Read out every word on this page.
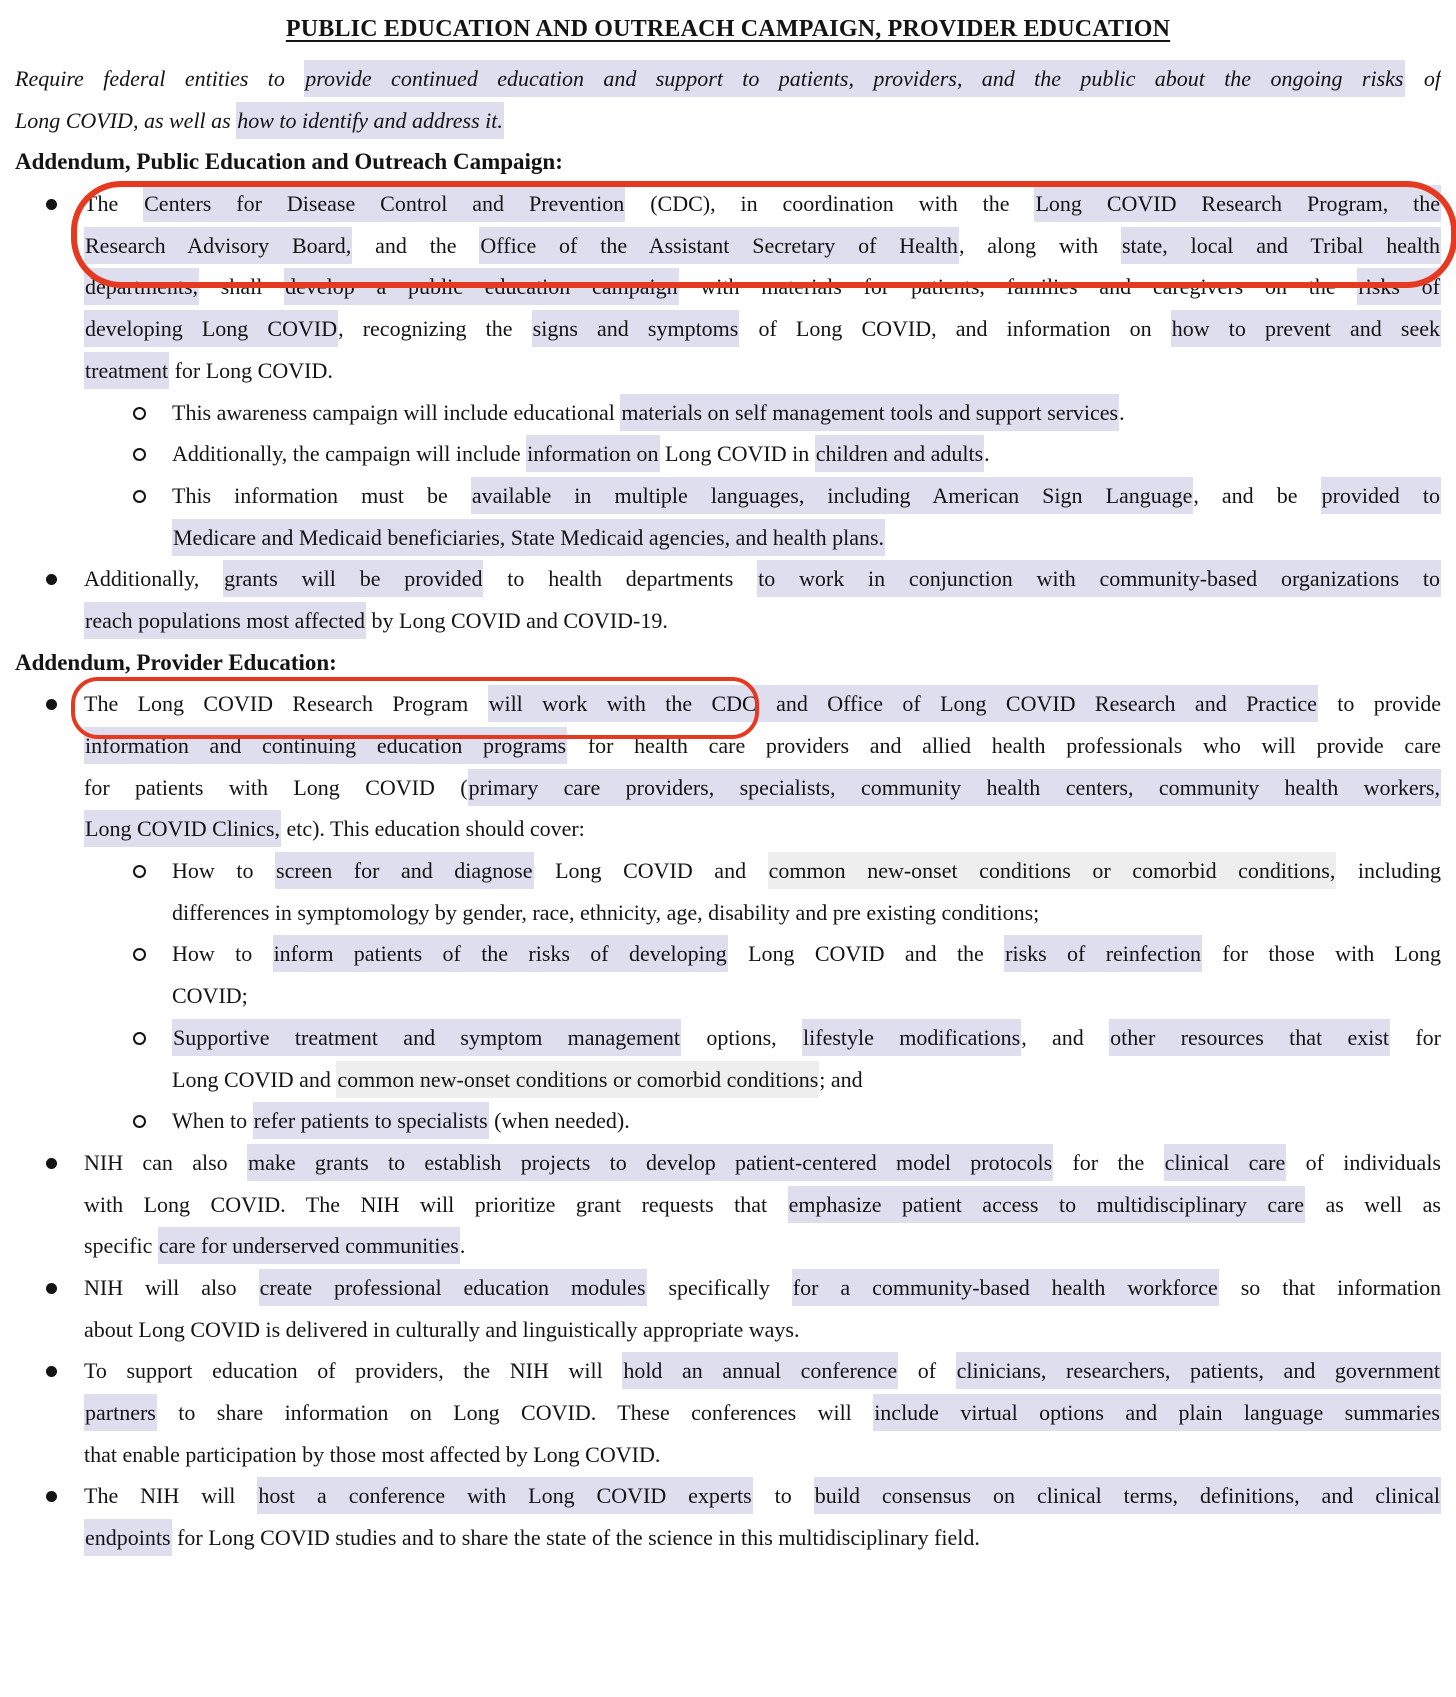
PUBLIC EDUCATION AND OUTREACH CAMPAIGN, PROVIDER EDUCATION
Require federal entities to provide continued education and support to patients, providers, and the public about the ongoing risks of
Long COVID, as well as how to identify and address it.
Addendum, Public Education and Outreach Campaign:
The Centers for Disease Control and Prevention (CDC), in coordination with the Long COVID Research Program, the
Research Advisory Board, and the Office of the Assistant Secretary of Health, along with state, local and Tribal health
departments, shall develop a public education campaign with materials for patients, families and caregivers on the risks of
developing Long COVID, recognizing the signs and symptoms of Long COVID, and information on how to prevent and seek
treatment for Long COVID.
This awareness campaign will include educational materials on self management tools and support services.
Additionally, the campaign will include information on Long COVID in children and adults.
This information must be available in multiple languages, including American Sign Language, and be provided to
Medicare and Medicaid beneficiaries, State Medicaid agencies, and health plans.
Additionally, grants will be provided to health departments to work in conjunction with community-based organizations to
reach populations most affected by Long COVID and COVID-19.
Addendum, Provider Education:
The Long COVID Research Program will work with the CDC and Office of Long COVID Research and Practice to provide
information and continuing education programs for health care providers and allied health professionals who will provide care
for patients with Long COVID (primary care providers, specialists, community health centers, community health workers,
Long COVID Clinics, etc). This education should cover:
How to screen for and diagnose Long COVID and common new-onset conditions or comorbid conditions, including
differences in symptomology by gender, race, ethnicity, age, disability and pre existing conditions;
How to inform patients of the risks of developing Long COVID and the risks of reinfection for those with Long
COVID;
Supportive treatment and symptom management options, lifestyle modifications, and other resources that exist for
Long COVID and common new-onset conditions or comorbid conditions; and
When to refer patients to specialists (when needed).
NIH can also make grants to establish projects to develop patient-centered model protocols for the clinical care of individuals
with Long COVID. The NIH will prioritize grant requests that emphasize patient access to multidisciplinary care as well as
specific care for underserved communities.
NIH will also create professional education modules specifically for a community-based health workforce so that information
about Long COVID is delivered in culturally and linguistically appropriate ways.
To support education of providers, the NIH will hold an annual conference of clinicians, researchers, patients, and government
partners to share information on Long COVID. These conferences will include virtual options and plain language summaries
that enable participation by those most affected by Long COVID.
The NIH will host a conference with Long COVID experts to build consensus on clinical terms, definitions, and clinical
endpoints for Long COVID studies and to share the state of the science in this multidisciplinary field.
